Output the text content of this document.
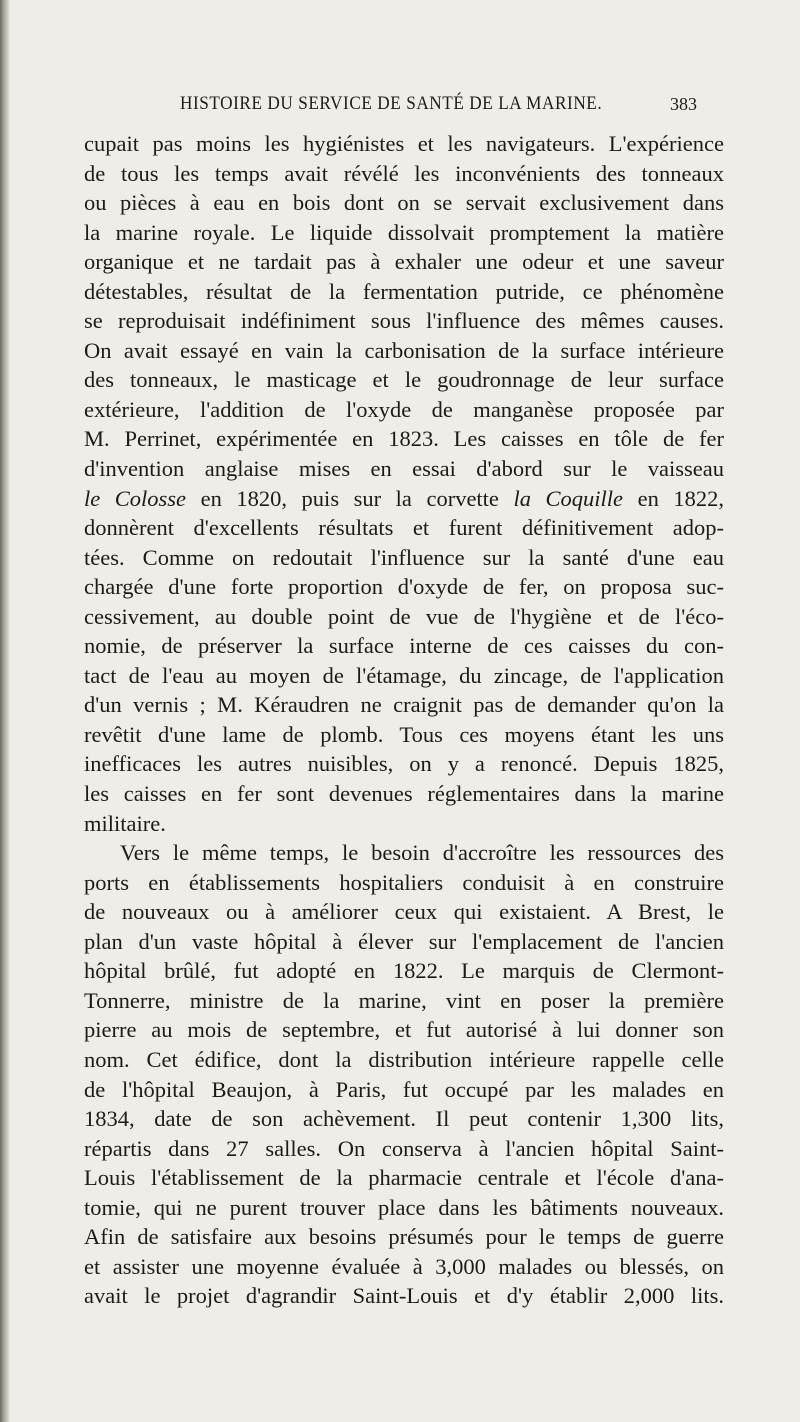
HISTOIRE DU SERVICE DE SANTÉ DE LA MARINE.	383
cupait pas moins les hygiénistes et les navigateurs. L'expérience
de tous les temps avait révélé les inconvénients des tonneaux
ou pièces à eau en bois dont on se servait exclusivement dans
la marine royale. Le liquide dissolvait promptement la matière
organique et ne tardait pas à exhaler une odeur et une saveur
détestables, résultat de la fermentation putride, ce phénomène
se reproduisait indéfiniment sous l'influence des mêmes causes.
On avait essayé en vain la carbonisation de la surface intérieure
des tonneaux, le masticage et le goudronnage de leur surface
extérieure, l'addition de l'oxyde de manganèse proposée par
M. Perrinet, expérimentée en 1823. Les caisses en tôle de fer
d'invention anglaise mises en essai d'abord sur le vaisseau
le Colosse en 1820, puis sur la corvette la Coquille en 1822,
donnèrent d'excellents résultats et furent définitivement adop-
tées. Comme on redoutait l'influence sur la santé d'une eau
chargée d'une forte proportion d'oxyde de fer, on proposa suc-
cessivement, au double point de vue de l'hygiène et de l'éco-
nomie, de préserver la surface interne de ces caisses du con-
tact de l'eau au moyen de l'étamage, du zincage, de l'application
d'un vernis ; M. Kéraudren ne craignit pas de demander qu'on la
revêtit d'une lame de plomb. Tous ces moyens étant les uns
inefficaces les autres nuisibles, on y a renoncé. Depuis 1825,
les caisses en fer sont devenues réglementaires dans la marine
militaire.
Vers le même temps, le besoin d'accroître les ressources des
ports en établissements hospitaliers conduisit à en construire
de nouveaux ou à améliorer ceux qui existaient. A Brest, le
plan d'un vaste hôpital à élever sur l'emplacement de l'ancien
hôpital brûlé, fut adopté en 1822. Le marquis de Clermont-
Tonnerre, ministre de la marine, vint en poser la première
pierre au mois de septembre, et fut autorisé à lui donner son
nom. Cet édifice, dont la distribution intérieure rappelle celle
de l'hôpital Beaujon, à Paris, fut occupé par les malades en
1834, date de son achèvement. Il peut contenir 1,300 lits,
répartis dans 27 salles. On conserva à l'ancien hôpital Saint-
Louis l'établissement de la pharmacie centrale et l'école d'ana-
tomie, qui ne purent trouver place dans les bâtiments nouveaux.
Afin de satisfaire aux besoins présumés pour le temps de guerre
et assister une moyenne évaluée à 3,000 malades ou blessés, on
avait le projet d'agrandir Saint-Louis et d'y établir 2,000 lits.
